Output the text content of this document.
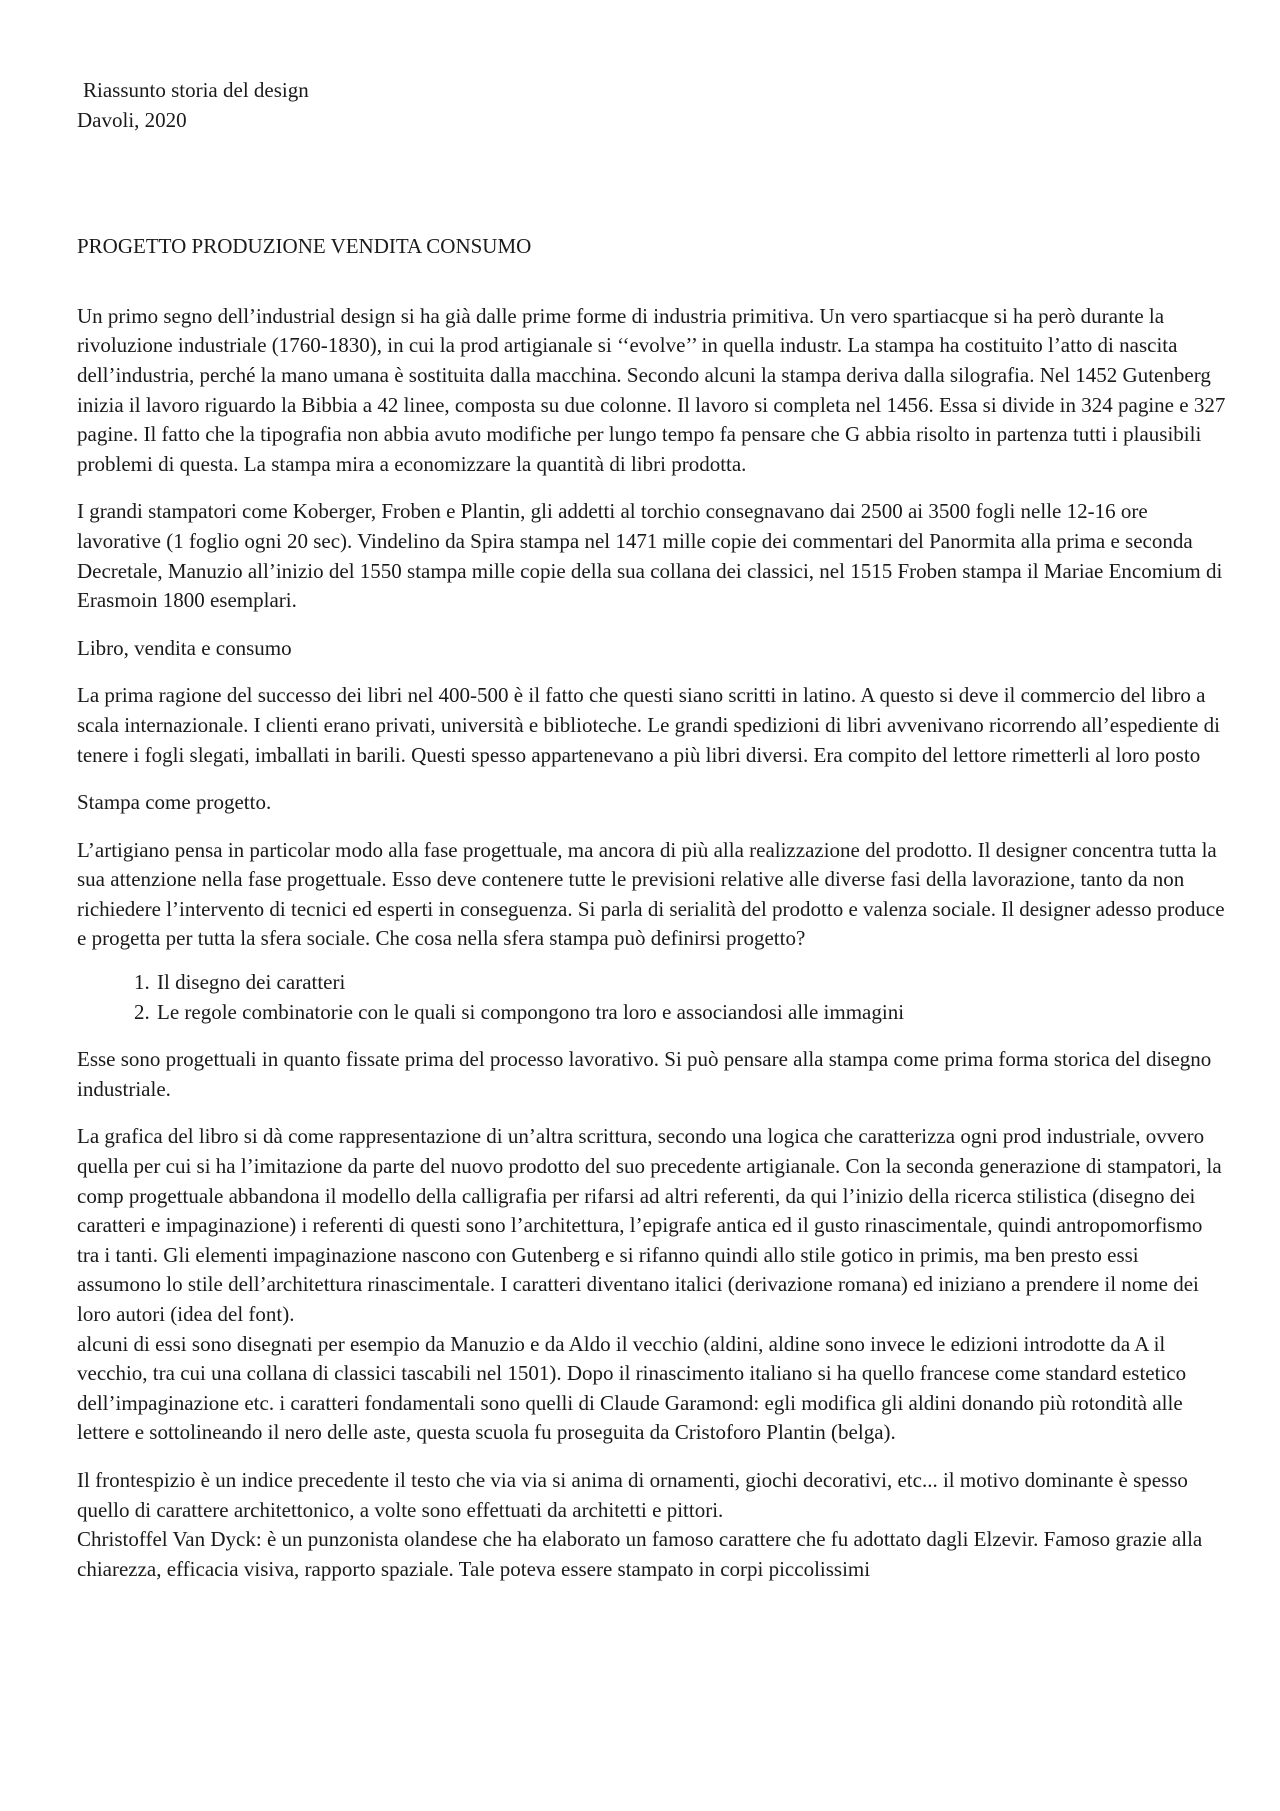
Riassunto storia del design

Davoli, 2020

PROGETTO PRODUZIONE VENDITA CONSUMO

Un primo segno dell’industrial design si ha già dalle prime forme di industria primitiva. Un vero spartiacque si ha però durante la rivoluzione industriale (1760-1830), in cui la prod artigianale si ‘‘evolve’’ in quella industr. La stampa ha costituito l’atto di nascita dell’industria, perché la mano umana è sostituita dalla macchina. Secondo alcuni la stampa deriva dalla silografia. Nel 1452 Gutenberg inizia il lavoro riguardo la Bibbia a 42 linee, composta su due colonne. Il lavoro si completa nel 1456. Essa si divide in 324 pagine e 327 pagine. Il fatto che la tipografia non abbia avuto modifiche per lungo tempo fa pensare che G abbia risolto in partenza tutti i plausibili problemi di questa. La stampa mira a economizzare la quantità di libri prodotta.

I grandi stampatori come Koberger, Froben e Plantin, gli addetti al torchio consegnavano dai 2500 ai 3500 fogli nelle 12-16 ore lavorative (1 foglio ogni 20 sec). Vindelino da Spira stampa nel 1471 mille copie dei commentari del Panormita alla prima e seconda Decretale, Manuzio all’inizio del 1550 stampa mille copie della sua collana dei classici, nel 1515 Froben stampa il Mariae Encomium di Erasmoin 1800 esemplari.

Libro, vendita e consumo

La prima ragione del successo dei libri nel 400-500 è il fatto che questi siano scritti in latino. A questo si deve il commercio del libro a scala internazionale. I clienti erano privati, università e biblioteche. Le grandi spedizioni di libri avvenivano ricorrendo all’espediente di tenere i fogli slegati, imballati in barili. Questi spesso appartenevano a più libri diversi. Era compito del lettore rimetterli al loro posto

Stampa come progetto.

L’artigiano pensa in particolar modo alla fase progettuale, ma ancora di più alla realizzazione del prodotto. Il designer concentra tutta la sua attenzione nella fase progettuale. Esso deve contenere tutte le previsioni relative alle diverse fasi della lavorazione, tanto da non richiedere l’intervento di tecnici ed esperti in conseguenza. Si parla di serialità del prodotto e valenza sociale. Il designer adesso produce e progetta per tutta la sfera sociale. Che cosa nella sfera stampa può definirsi progetto?

1. Il disegno dei caratteri
2. Le regole combinatorie con le quali si compongono tra loro e associandosi alle immagini

Esse sono progettuali in quanto fissate prima del processo lavorativo. Si può pensare alla stampa come prima forma storica del disegno industriale.

La grafica del libro si dà come rappresentazione di un’altra scrittura, secondo una logica che caratterizza ogni prod industriale, ovvero quella per cui si ha l’imitazione da parte del nuovo prodotto del suo precedente artigianale. Con la seconda generazione di stampatori, la comp progettuale abbandona il modello della calligrafia per rifarsi ad altri referenti, da qui l’inizio della ricerca stilistica (disegno dei caratteri e impaginazione) i referenti di questi sono l’architettura, l’epigrafe antica ed il gusto rinascimentale, quindi antropomorfismo tra i tanti. Gli elementi impaginazione nascono con Gutenberg e si rifanno quindi allo stile gotico in primis, ma ben presto essi assumono lo stile dell’architettura rinascimentale. I caratteri diventano italici (derivazione romana) ed iniziano a prendere il nome dei loro autori (idea del font).

alcuni di essi sono disegnati per esempio da Manuzio e da Aldo il vecchio (aldini, aldine sono invece le edizioni introdotte da A il vecchio, tra cui una collana di classici tascabili nel 1501). Dopo il rinascimento italiano si ha quello francese come standard estetico dell’impaginazione etc. i caratteri fondamentali sono quelli di Claude Garamond: egli modifica gli aldini donando più rotondità alle lettere e sottolineando il nero delle aste, questa scuola fu proseguita da Cristoforo Plantin (belga).

Il frontespizio è un indice precedente il testo che via via si anima di ornamenti, giochi decorativi, etc... il motivo dominante è spesso quello di carattere architettonico, a volte sono effettuati da architetti e pittori.

Christoffel Van Dyck: è un punzonista olandese che ha elaborato un famoso carattere che fu adottato dagli Elzevir. Famoso grazie alla chiarezza, efficacia visiva, rapporto spaziale. Tale poteva essere stampato in corpi piccolissimi
